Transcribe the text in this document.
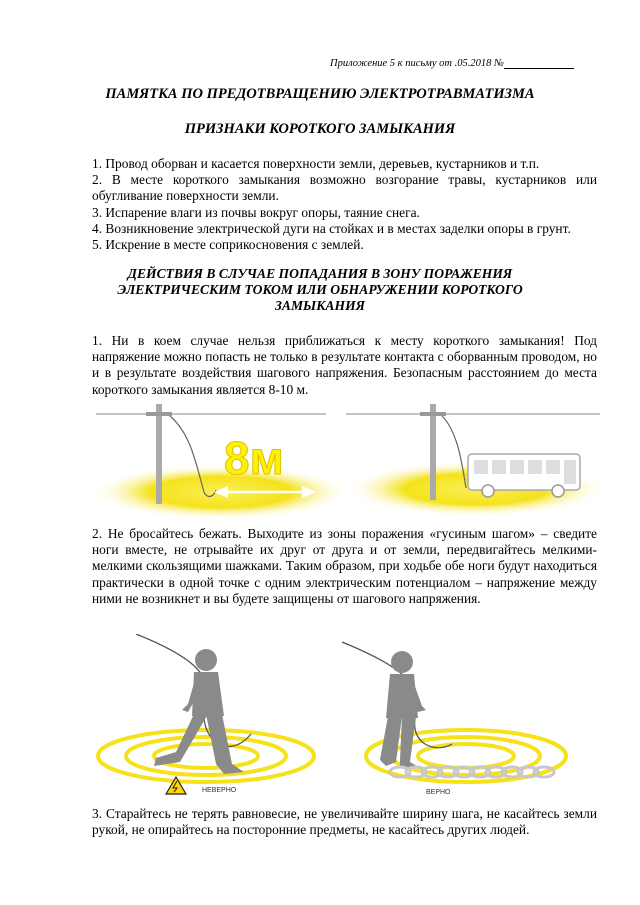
Приложение 5 к письму от .05.2018 №
ПАМЯТКА ПО ПРЕДОТВРАЩЕНИЮ ЭЛЕКТРОТРАВМАТИЗМА
ПРИЗНАКИ КОРОТКОГО ЗАМЫКАНИЯ

1. Провод оборван и касается поверхности земли, деревьев, кустарников и т.п.

2. В месте короткого замыкания возможно возгорание травы, кустарников или обугливание поверхности земли.

3. Испарение влаги из почвы вокруг опоры, таяние снега.

4. Возникновение электрической дуги на стойках и в местах заделки опоры в грунт.

5. Искрение в месте соприкосновения с землей.

ДЕЙСТВИЯ В СЛУЧАЕ ПОПАДАНИЯ В ЗОНУ ПОРАЖЕНИЯ
ЭЛЕКТРИЧЕСКИМ ТОКОМ ИЛИ ОБНАРУЖЕНИИ КОРОТКОГО
ЗАМЫКАНИЯ

1. Ни в коем случае нельзя приближаться к месту короткого замыкания! Под напряжение можно попасть не только в результате контакта с оборванным проводом, но и в результате воздействия шагового напряжения. Безопасным расстоянием до места короткого замыкания является 8-10 м.

8м

2. Не бросайтесь бежать. Выходите из зоны поражения «гусиным шагом» – сведите ноги вместе, не отрывайте их друг от друга и от земли, передвигайтесь мелкими-мелкими скользящими шажками. Таким образом, при ходьбе обе ноги будут находиться практически в одной точке с одним электрическим потенциалом – напряжение между ними не возникнет и вы будете защищены от шагового напряжения.

НЕВЕРНО	ВЕРНО

3. Старайтесь не терять равновесие, не увеличивайте ширину шага, не касайтесь земли рукой, не опирайтесь на посторонние предметы, не касайтесь других людей.
